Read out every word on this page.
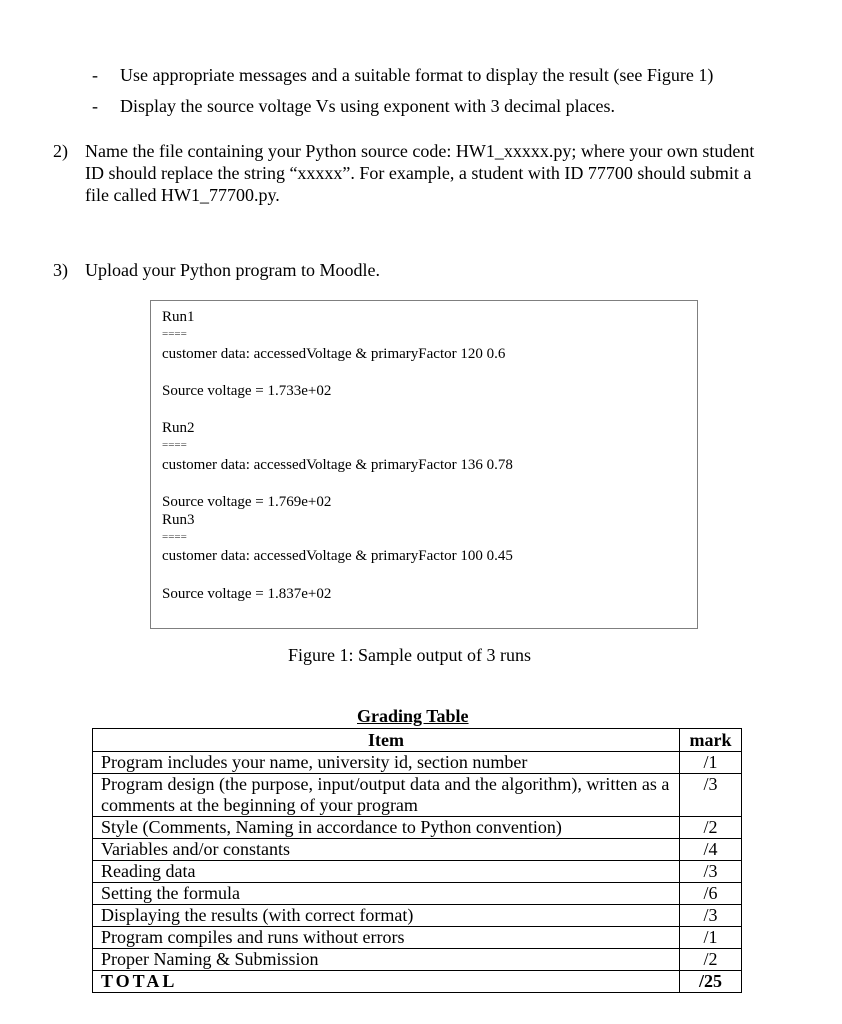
- Use appropriate messages and a suitable format to display the result (see Figure 1)
- Display the source voltage Vs using exponent with 3 decimal places.
2) Name the file containing your Python source code: HW1_xxxxx.py; where your own student
ID should replace the string “xxxxx”. For example, a student with ID 77700 should submit a
file called HW1_77700.py.
3) Upload your Python program to Moodle.
Run1
====
customer data: accessedVoltage & primaryFactor 120 0.6
Source voltage = 1.733e+02
Run2
====
customer data: accessedVoltage & primaryFactor 136 0.78
Source voltage = 1.769e+02
Run3
====
customer data: accessedVoltage & primaryFactor 100 0.45
Source voltage = 1.837e+02
Figure 1: Sample output of 3 runs
Grading Table
Item	mark
Program includes your name, university id, section number	/1
Program design (the purpose, input/output data and the algorithm), written as a comments at the beginning of your program	/3
Style (Comments, Naming in accordance to Python convention)	/2
Variables and/or constants	/4
Reading data	/3
Setting the formula	/6
Displaying the results (with correct format)	/3
Program compiles and runs without errors	/1
Proper Naming & Submission	/2
TOTAL	/25
